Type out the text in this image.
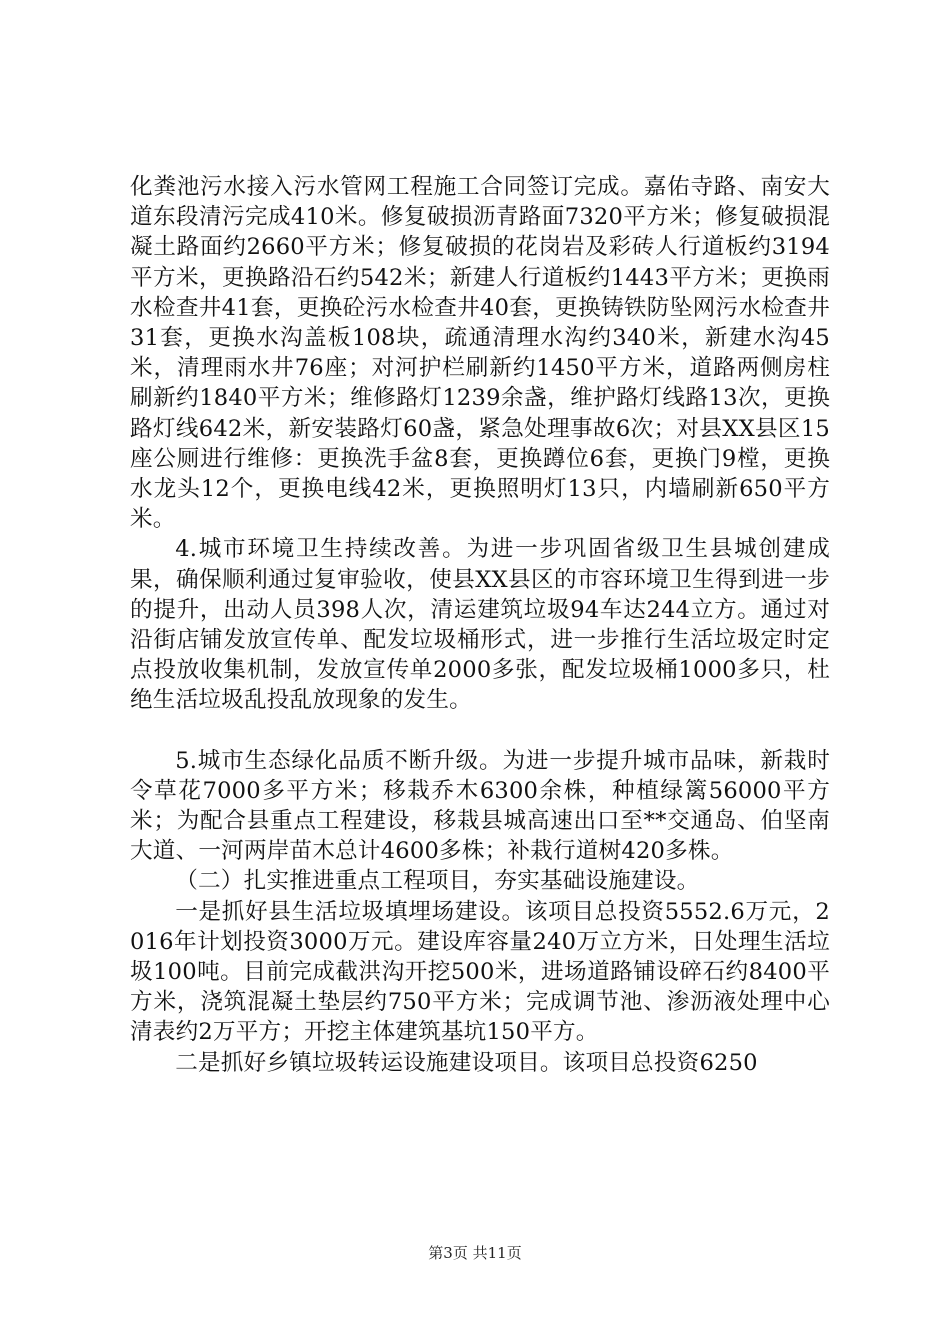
化粪池污水接入污水管网工程施工合同签订完成。嘉佑寺路、南安大道东段清污完成410米。修复破损沥青路面7320平方米；修复破损混凝土路面约2660平方米；修复破损的花岗岩及彩砖人行道板约3194平方米，更换路沿石约542米；新建人行道板约1443平方米；更换雨水检查井41套，更换砼污水检查井40套，更换铸铁防坠网污水检查井31套，更换水沟盖板108块，疏通清理水沟约340米，新建水沟45米，清理雨水井76座；对河护栏刷新约1450平方米，道路两侧房柱刷新约1840平方米；维修路灯1239余盏，维护路灯线路13次，更换路灯线642米，新安装路灯60盏，紧急处理事故6次；对县XX县区15座公厕进行维修：更换洗手盆8套，更换蹲位6套，更换门9樘，更换水龙头12个，更换电线42米，更换照明灯13只，内墙刷新650平方米。

4.城市环境卫生持续改善。为进一步巩固省级卫生县城创建成果，确保顺利通过复审验收，使县XX县区的市容环境卫生得到进一步的提升，出动人员398人次，清运建筑垃圾94车达244立方。通过对沿街店铺发放宣传单、配发垃圾桶形式，进一步推行生活垃圾定时定点投放收集机制，发放宣传单2000多张，配发垃圾桶1000多只，杜绝生活垃圾乱投乱放现象的发生。

5.城市生态绿化品质不断升级。为进一步提升城市品味，新栽时令草花7000多平方米；移栽乔木6300余株，种植绿篱56000平方米；为配合县重点工程建设，移栽县城高速出口至**交通岛、伯坚南大道、一河两岸苗木总计4600多株；补栽行道树420多株。

（二）扎实推进重点工程项目，夯实基础设施建设。

一是抓好县生活垃圾填埋场建设。该项目总投资5552.6万元，2016年计划投资3000万元。建设库容量240万立方米，日处理生活垃圾100吨。目前完成截洪沟开挖500米，进场道路铺设碎石约8400平方米，浇筑混凝土垫层约750平方米；完成调节池、渗沥液处理中心清表约2万平方；开挖主体建筑基坑150平方。

二是抓好乡镇垃圾转运设施建设项目。该项目总投资6250

第3页 共11页
